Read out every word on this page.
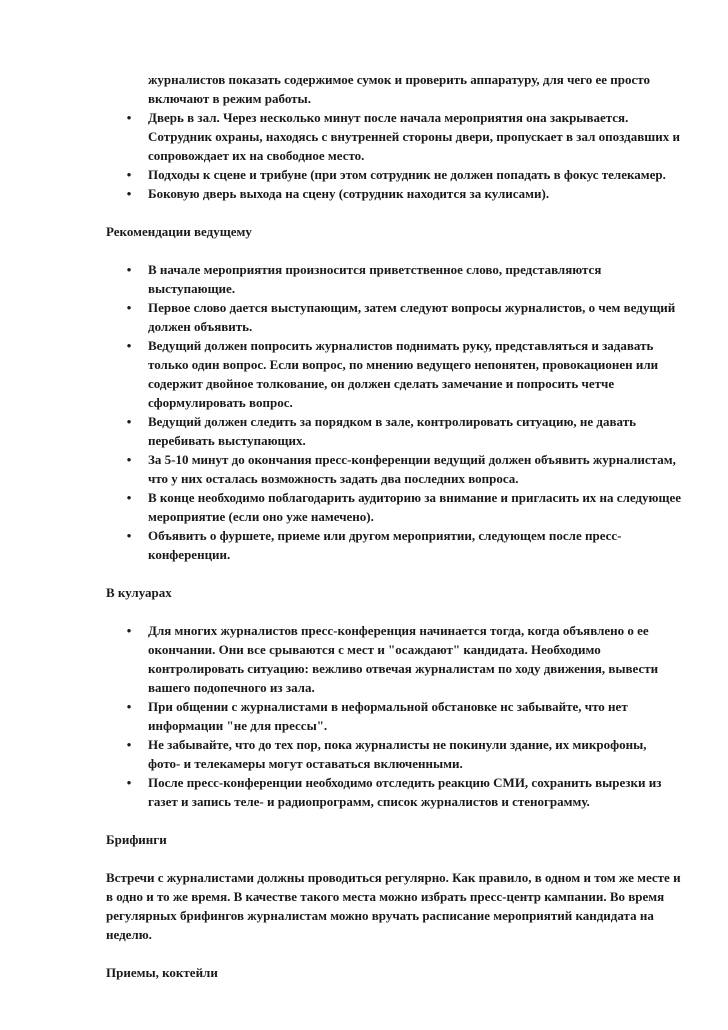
журналистов показать содержимое сумок и проверить аппаратуру, для чего ее просто включают в режим работы.
• Дверь в зал. Через несколько минут после начала мероприятия она закрывается. Сотрудник охраны, находясь с внутренней стороны двери, пропускает в зал опоздавших и сопровождает их на свободное место.
• Подходы к сцене и трибуне (при этом сотрудник не должен попадать в фокус телекамер.
• Боковую дверь выхода на сцену (сотрудник находится за кулисами).

Рекомендации ведущему

• В начале мероприятия произносится приветственное слово, представляются выступающие.
• Первое слово дается выступающим, затем следуют вопросы журналистов, о чем ведущий должен объявить.
• Ведущий должен попросить журналистов поднимать руку, представляться и задавать только один вопрос. Если вопрос, по мнению ведущего непонятен, провокационен или содержит двойное толкование, он должен сделать замечание и попросить четче сформулировать вопрос.
• Ведущий должен следить за порядком в зале, контролировать ситуацию, не давать перебивать выступающих.
• За 5-10 минут до окончания пресс-конференции ведущий должен объявить журналистам, что у них осталась возможность задать два последних вопроса.
• В конце необходимо поблагодарить аудиторию за внимание и пригласить их на следующее мероприятие (если оно уже намечено).
• Объявить о фуршете, приеме или другом мероприятии, следующем после пресс-конференции.

В кулуарах

• Для многих журналистов пресс-конференция начинается тогда, когда объявлено о ее окончании. Они все срываются с мест и "осаждают" кандидата. Необходимо контролировать ситуацию: вежливо отвечая журналистам по ходу движения, вывести вашего подопечного из зала.
• При общении с журналистами в неформальной обстановке нс забывайте, что нет информации "не для прессы".
• Не забывайте, что до тех пор, пока журналисты не покинули здание, их микрофоны, фото- и телекамеры могут оставаться включенными.
• После пресс-конференции необходимо отследить реакцию СМИ, сохранить вырезки из газет и запись теле- и радиопрограмм, список журналистов и стенограмму.

Брифинги

Встречи с журналистами должны проводиться регулярно. Как правило, в одном и том же месте и в одно и то же время. В качестве такого места можно избрать пресс-центр кампании. Во время регулярных брифингов журналистам можно вручать расписание мероприятий кандидата на неделю.

Приемы, коктейли
